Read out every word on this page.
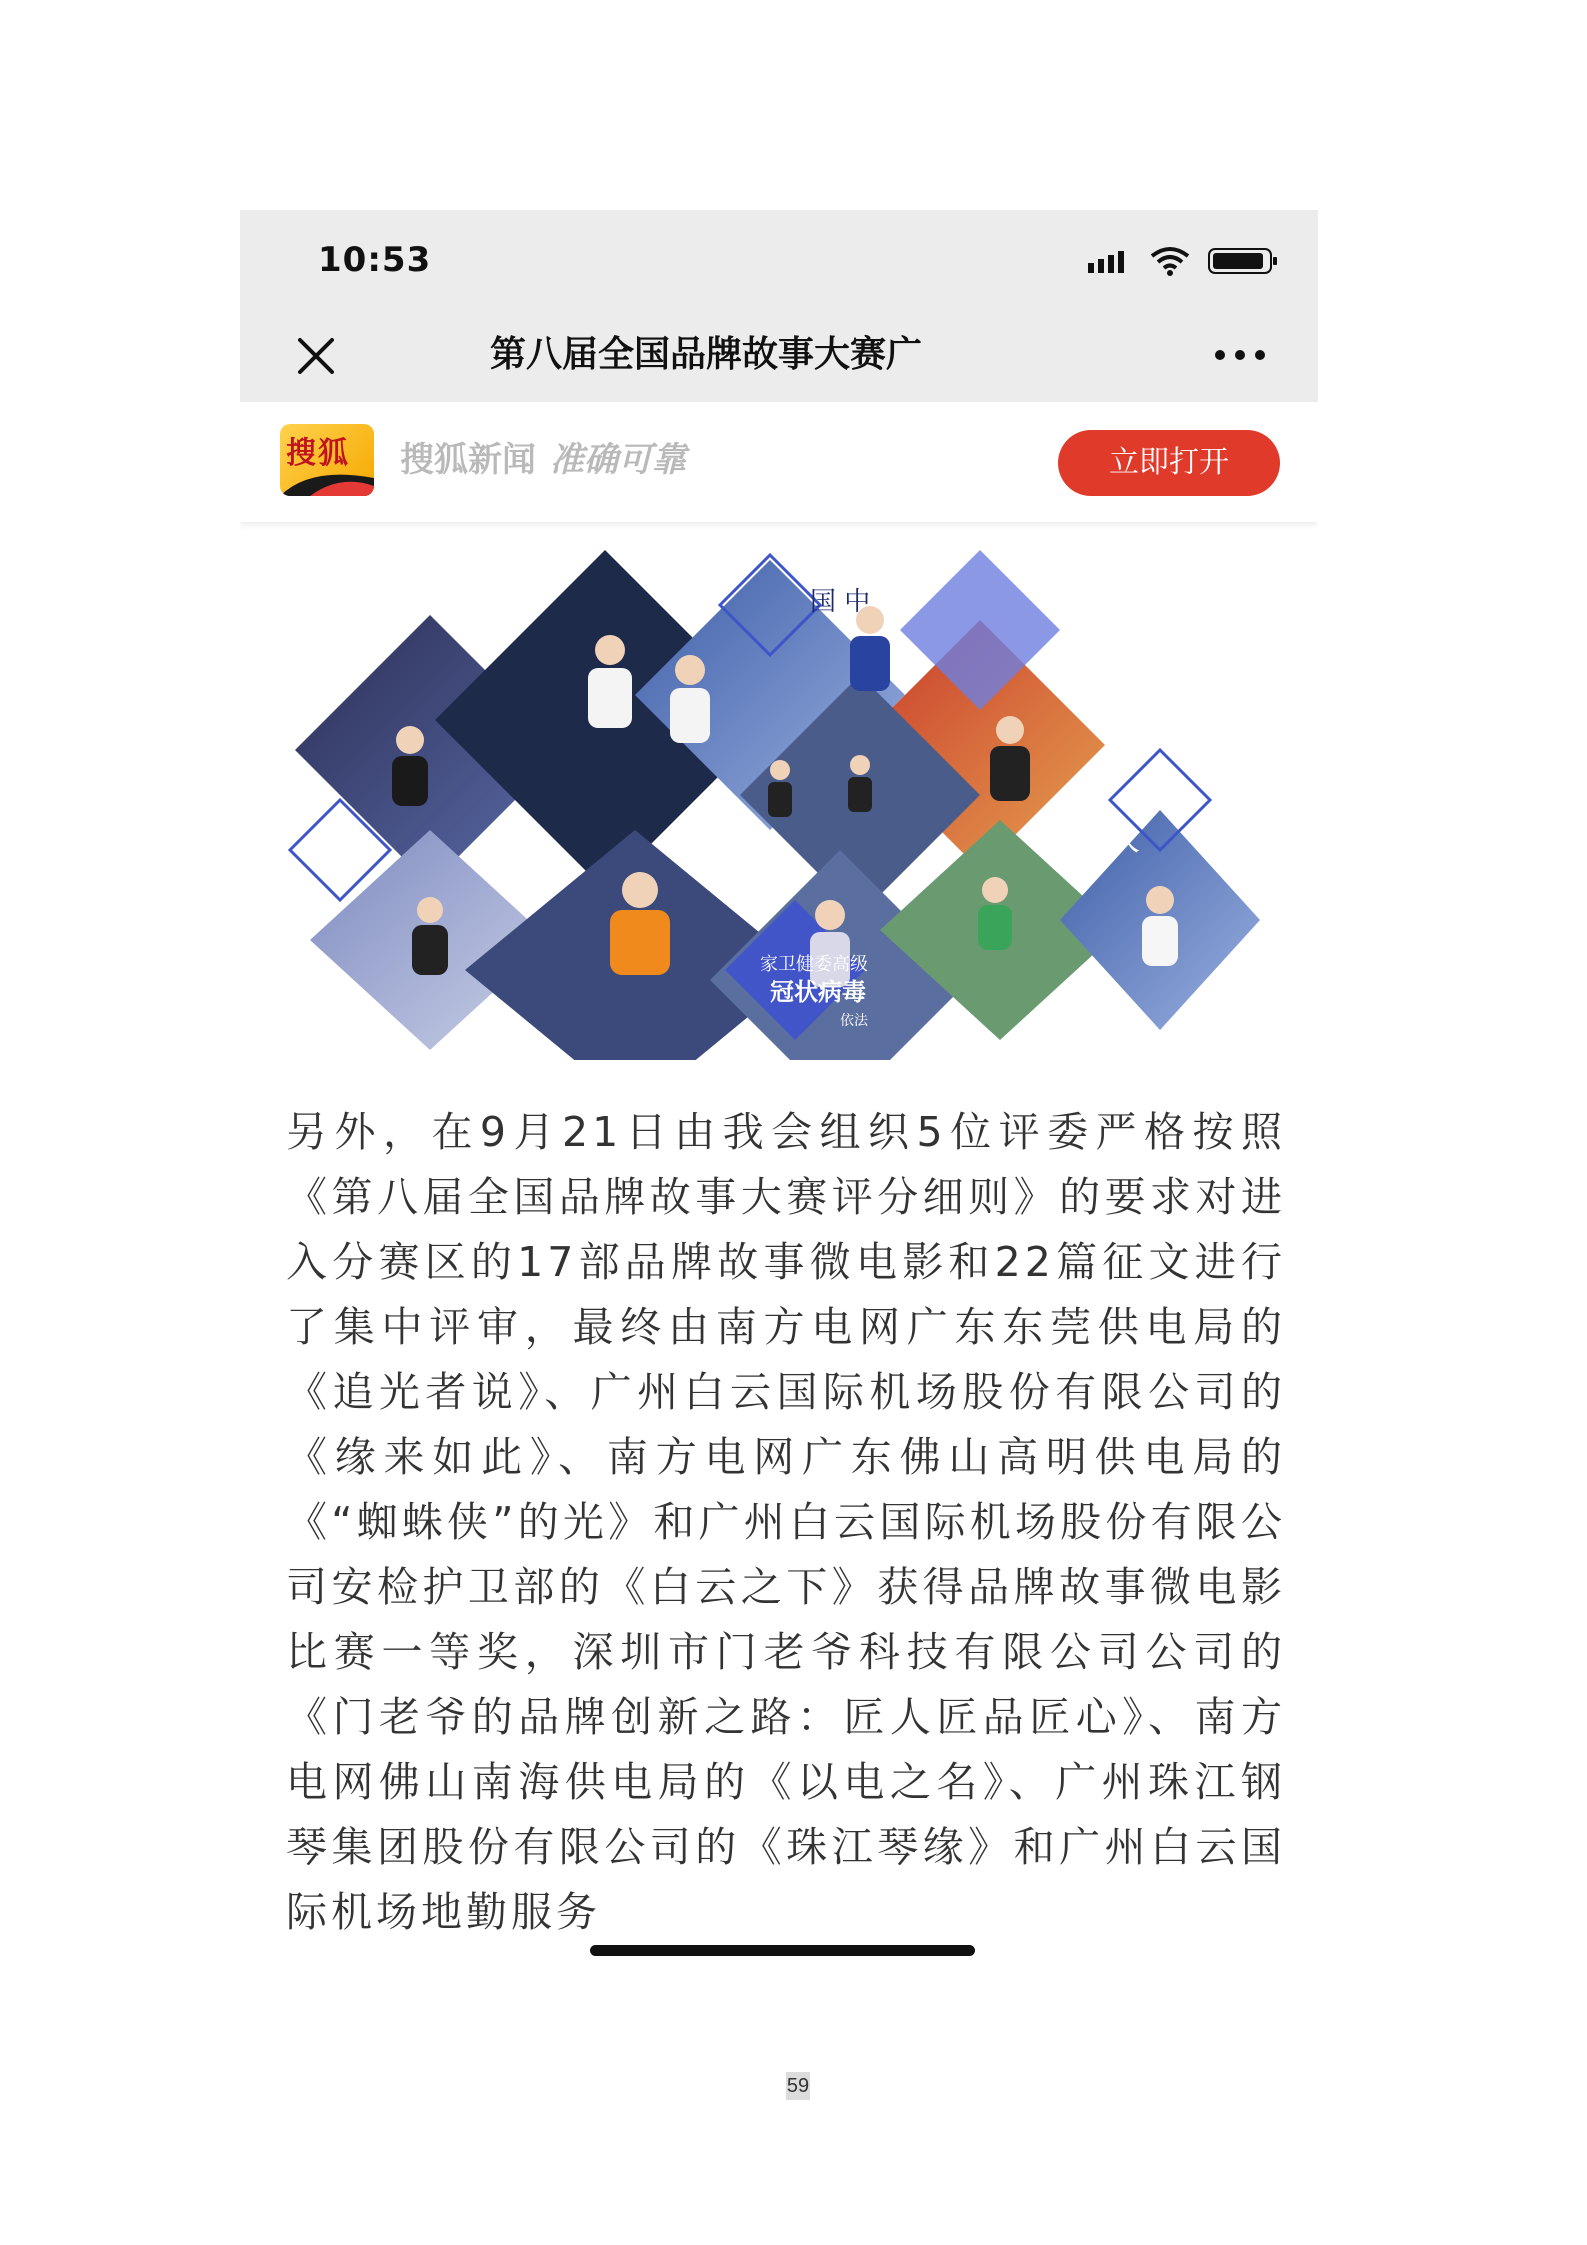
10:53
第八届全国品牌故事大赛广
搜狐 搜狐新闻 准确可靠	立即打开
国 中
家卫健委高级
冠状病毒
依法
言人

另外，在9月21日由我会组织5位评委严格按照《第八届全国品牌故事大赛评分细则》的要求对进入分赛区的17部品牌故事微电影和22篇征文进行了集中评审，最终由南方电网广东东莞供电局的《追光者说》、广州白云国际机场股份有限公司的《缘来如此》、南方电网广东佛山高明供电局的《“蜘蛛侠”的光》和广州白云国际机场股份有限公司安检护卫部的《白云之下》获得品牌故事微电影比赛一等奖，深圳市门老爷科技有限公司公司的《门老爷的品牌创新之路：匠人匠品匠心》、南方电网佛山南海供电局的《以电之名》、广州珠江钢琴集团股份有限公司的《珠江琴缘》和广州白云国际机场地勤服务

59
